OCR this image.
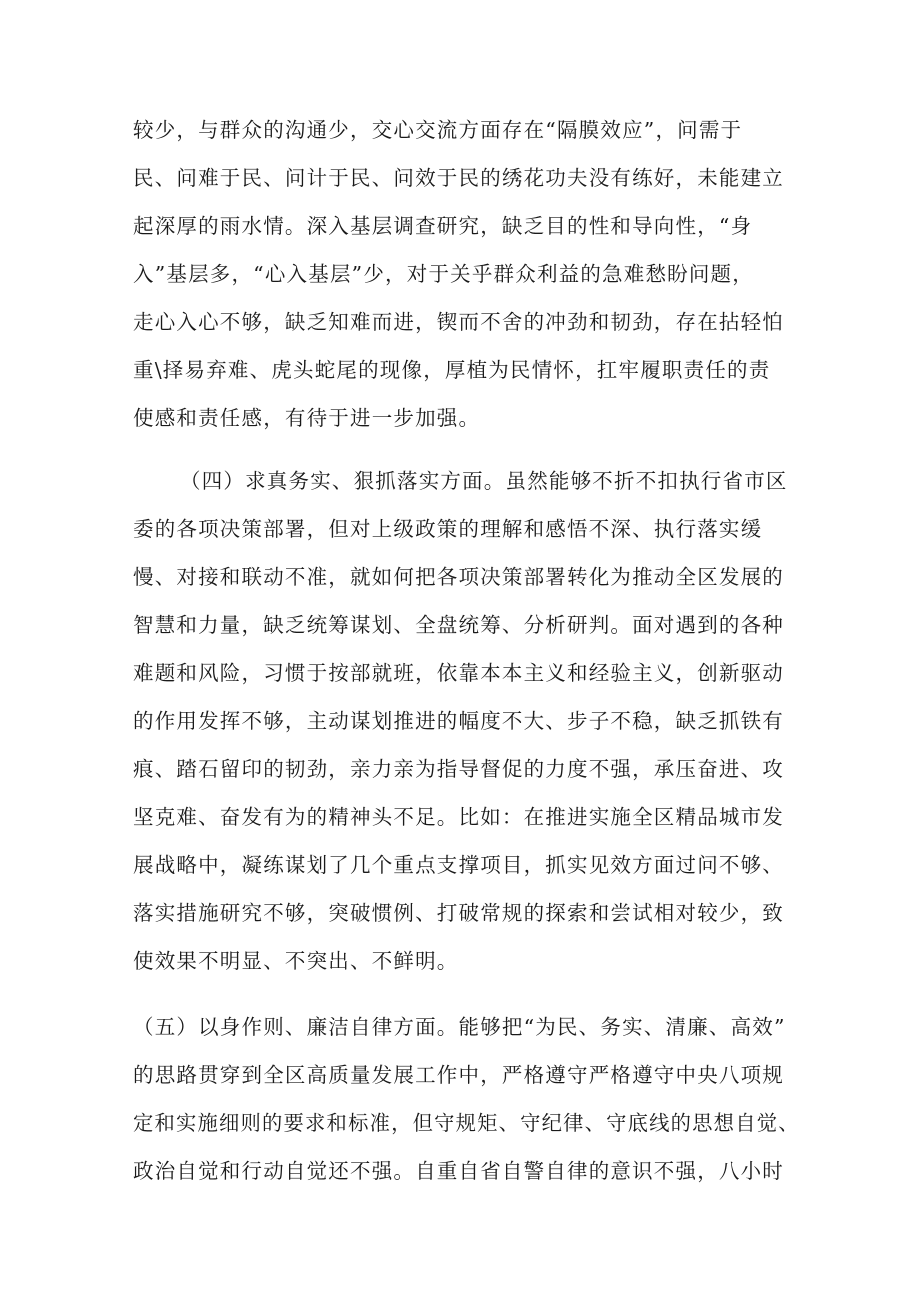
较少，与群众的沟通少，交心交流方面存在“隔膜效应”，问需于
民、问难于民、问计于民、问效于民的绣花功夫没有练好，未能建立
起深厚的雨水情。深入基层调查研究，缺乏目的性和导向性，“身
入”基层多，“心入基层”少，对于关乎群众利益的急难愁盼问题，
走心入心不够，缺乏知难而进，锲而不舍的冲劲和韧劲，存在拈轻怕
重\择易弃难、虎头蛇尾的现像，厚植为民情怀，扛牢履职责任的责
使感和责任感，有待于进一步加强。
（四）求真务实、狠抓落实方面。虽然能够不折不扣执行省市区
委的各项决策部署，但对上级政策的理解和感悟不深、执行落实缓
慢、对接和联动不准，就如何把各项决策部署转化为推动全区发展的
智慧和力量，缺乏统筹谋划、全盘统筹、分析研判。面对遇到的各种
难题和风险，习惯于按部就班，依靠本本主义和经验主义，创新驱动
的作用发挥不够，主动谋划推进的幅度不大、步子不稳，缺乏抓铁有
痕、踏石留印的韧劲，亲力亲为指导督促的力度不强，承压奋进、攻
坚克难、奋发有为的精神头不足。比如：在推进实施全区精品城市发
展战略中，凝练谋划了几个重点支撑项目，抓实见效方面过问不够、
落实措施研究不够，突破惯例、打破常规的探索和尝试相对较少，致
使效果不明显、不突出、不鲜明。
（五）以身作则、廉洁自律方面。能够把“为民、务实、清廉、高效”
的思路贯穿到全区高质量发展工作中，严格遵守严格遵守中央八项规
定和实施细则的要求和标准，但守规矩、守纪律、守底线的思想自觉、
政治自觉和行动自觉还不强。自重自省自警自律的意识不强，八小时
